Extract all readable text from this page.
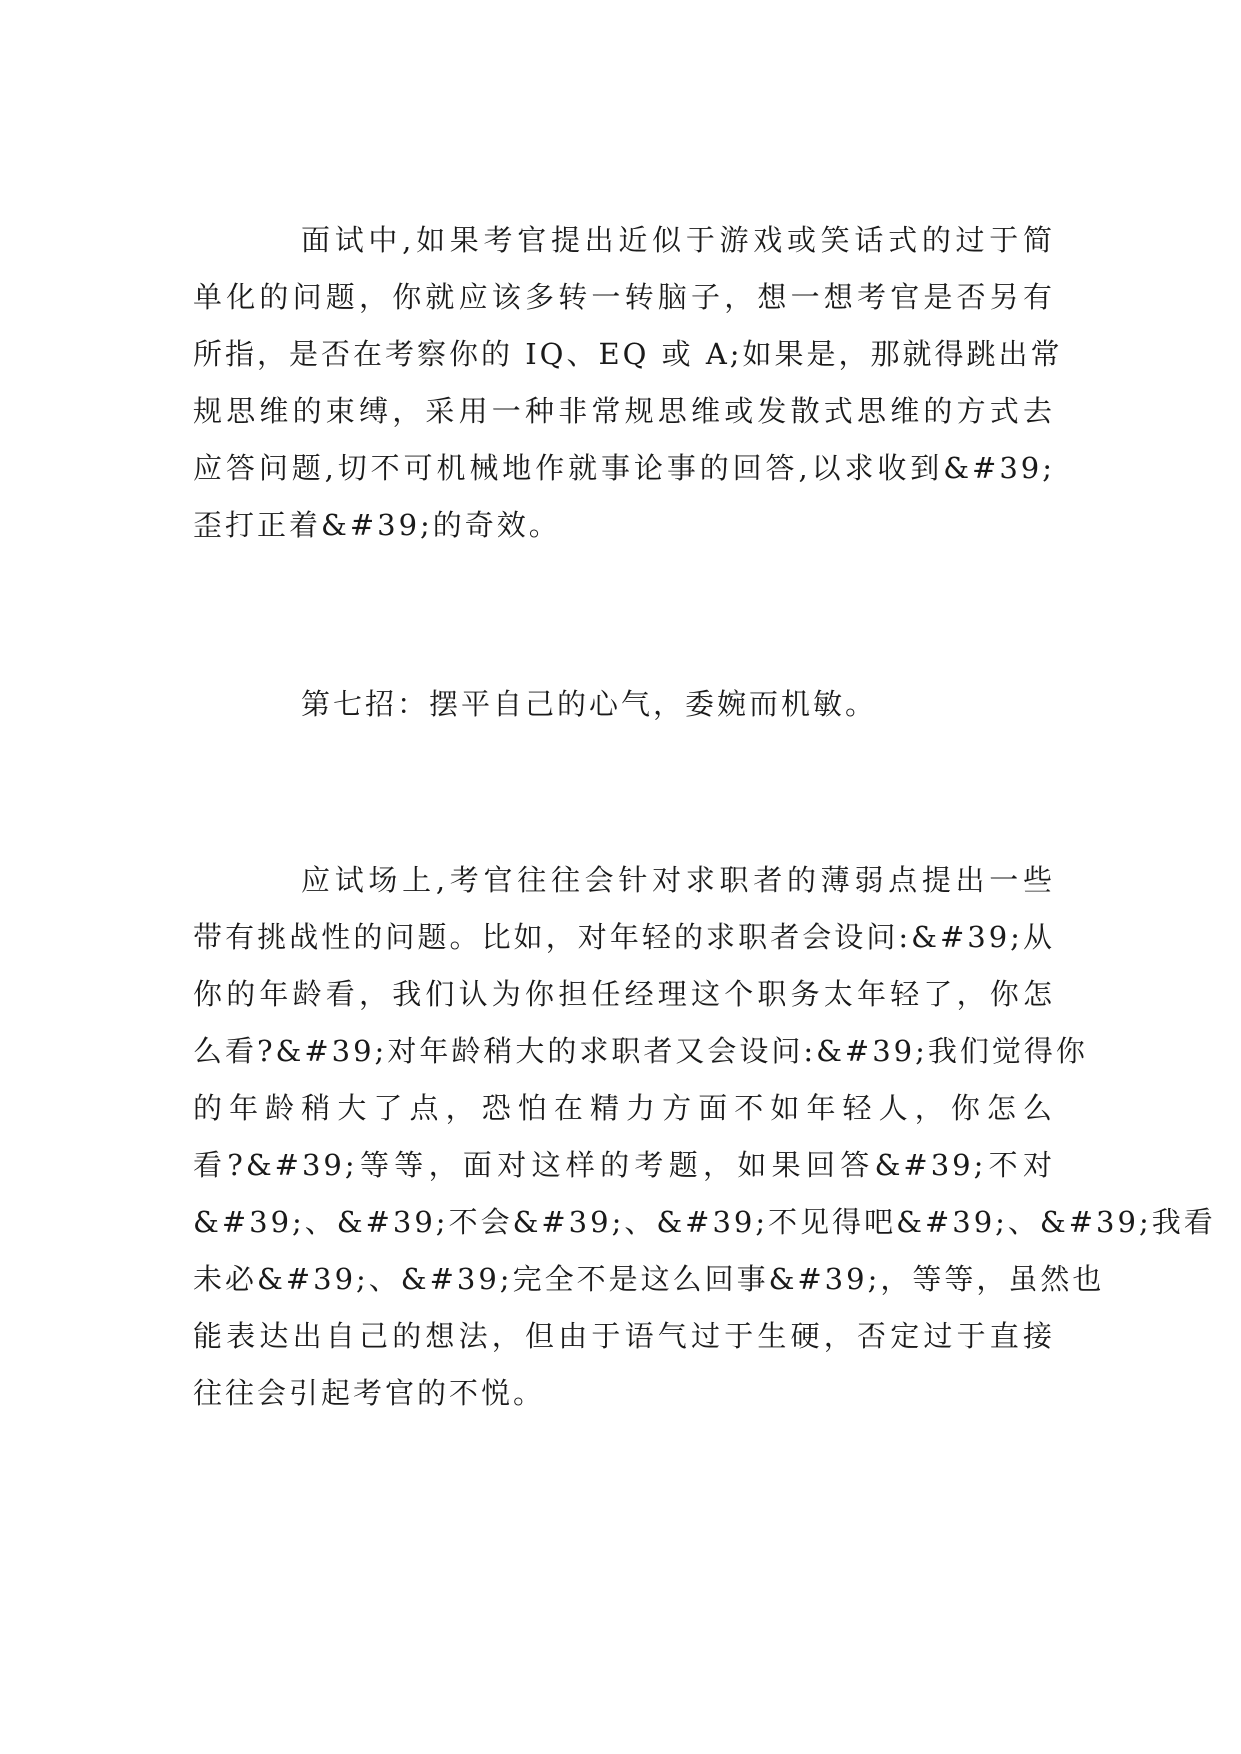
面试中,如果考官提出近似于游戏或笑话式的过于简
单化的问题，你就应该多转一转脑子，想一想考官是否另有
所指，是否在考察你的 IQ、EQ 或 A;如果是，那就得跳出常
规思维的束缚，采用一种非常规思维或发散式思维的方式去
应答问题,切不可机械地作就事论事的回答,以求收到&#39;
歪打正着&#39;的奇效。
第七招：摆平自己的心气，委婉而机敏。
应试场上,考官往往会针对求职者的薄弱点提出一些
带有挑战性的问题。比如，对年轻的求职者会设问:&#39;从
你的年龄看，我们认为你担任经理这个职务太年轻了，你怎
么看?&#39;对年龄稍大的求职者又会设问:&#39;我们觉得你
的年龄稍大了点，恐怕在精力方面不如年轻人，你怎么
看?&#39;等等，面对这样的考题，如果回答&#39;不对
&#39;、&#39;不会&#39;、&#39;不见得吧&#39;、&#39;我看
未必&#39;、&#39;完全不是这么回事&#39;，等等，虽然也
能表达出自己的想法，但由于语气过于生硬，否定过于直接
往往会引起考官的不悦。
